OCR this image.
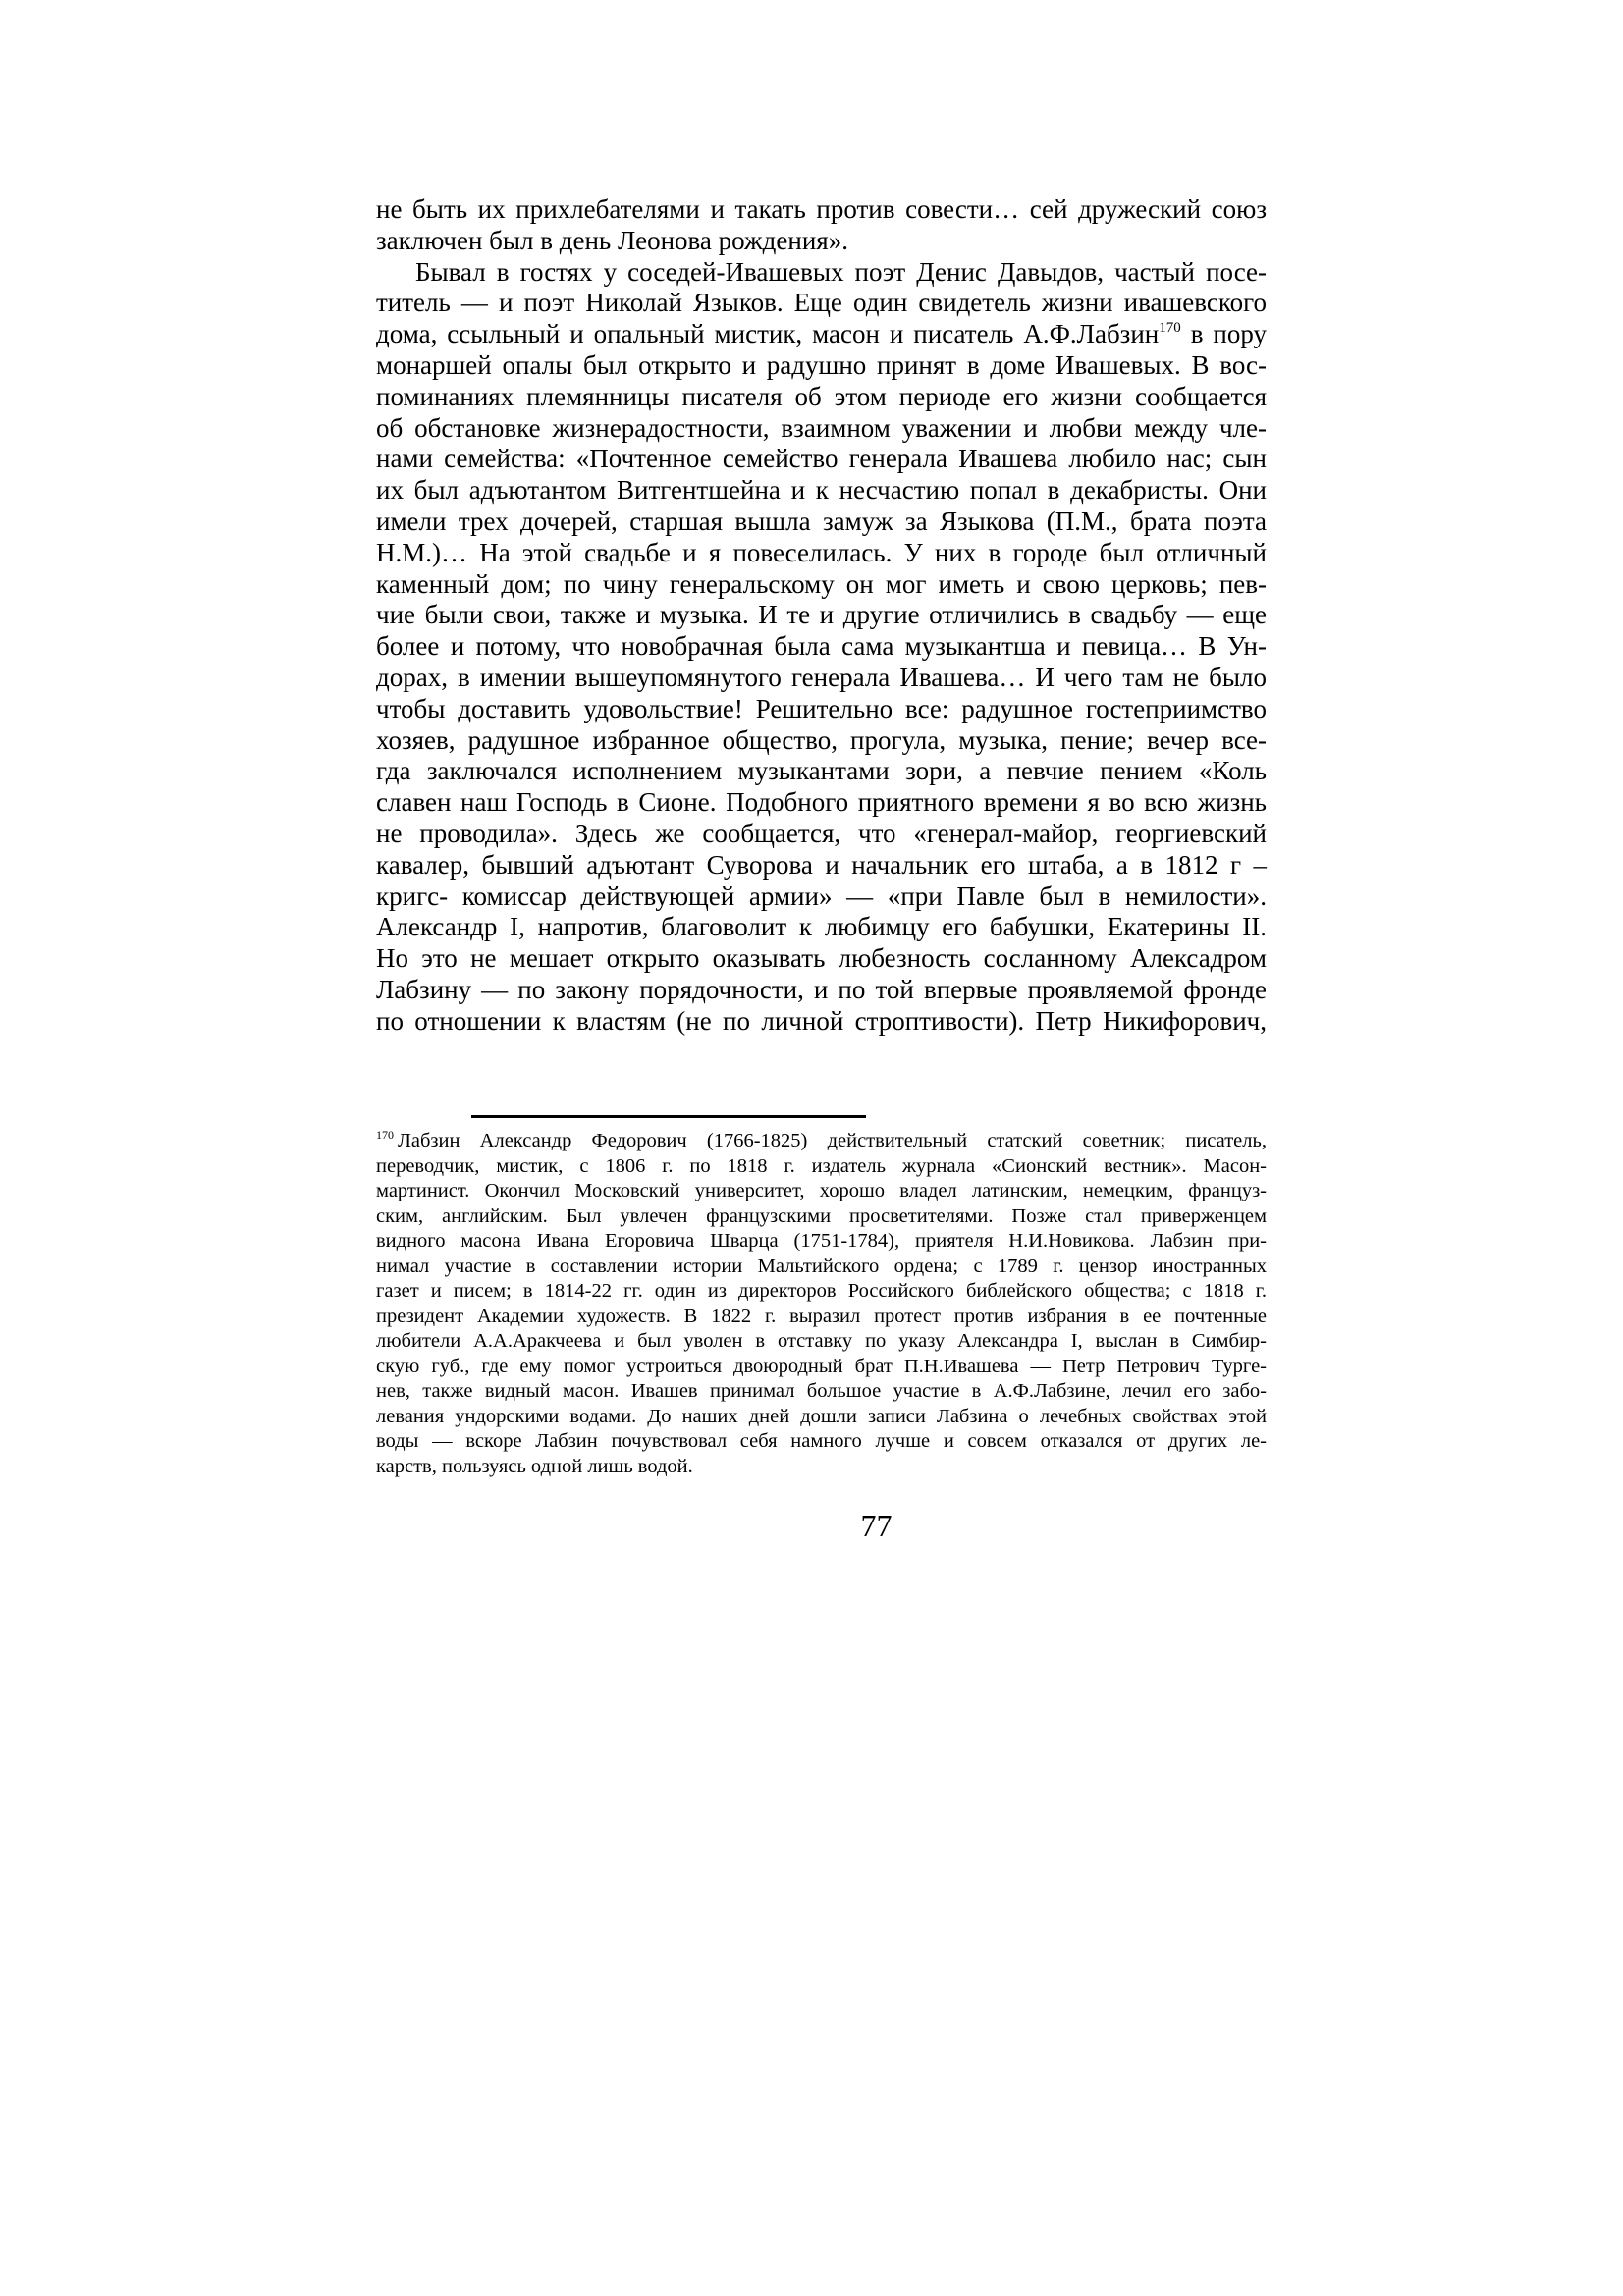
не быть их прихлебателями и такать против совести… сей дружеский союз
заключен был в день Леонова рождения».
Бывал в гостях у соседей-Ивашевых поэт Денис Давыдов, частый посе-
титель — и поэт Николай Языков. Еще один свидетель жизни ивашевского
дома, ссыльный и опальный мистик, масон и писатель А.Ф.Лабзин$^{170}$ в пору
монаршей опалы был открыто и радушно принят в доме Ивашевых. В вос-
поминаниях племянницы писателя об этом периоде его жизни сообщается
об обстановке жизнерадостности, взаимном уважении и любви между чле-
нами семейства: «Почтенное семейство генерала Ивашева любило нас; сын
их был адъютантом Витгентшейна и к несчастию попал в декабристы. Они
имели трех дочерей, старшая вышла замуж за Языкова (П.М., брата поэта
Н.М.)… На этой свадьбе и я повеселилась. У них в городе был отличный
каменный дом; по чину генеральскому он мог иметь и свою церковь; пев-
чие были свои, также и музыка. И те и другие отличились в свадьбу — еще
более и потому, что новобрачная была сама музыкантша и певица… В Ун-
дорах, в имении вышеупомянутого генерала Ивашева… И чего там не было
чтобы доставить удовольствие! Решительно все: радушное гостеприимство
хозяев, радушное избранное общество, прогула, музыка, пение; вечер все-
гда заключался исполнением музыкантами зори, а певчие пением «Коль
славен наш Господь в Сионе. Подобного приятного времени я во всю жизнь
не проводила». Здесь же сообщается, что «генерал-майор, георгиевский
кавалер, бывший адъютант Суворова и начальник его штаба, а в 1812 г –
кригс- комиссар действующей армии» — «при Павле был в немилости».
Александр I, напротив, благоволит к любимцу его бабушки, Екатерины II.
Но это не мешает открыто оказывать любезность сосланному Алексадром
Лабзину — по закону порядочности, и по той впервые проявляемой фронде
по отношении к властям (не по личной строптивости). Петр Никифорович,
$^{170}$ Лабзин Александр Федорович (1766-1825) действительный статский советник; писатель,
переводчик, мистик, с 1806 г. по 1818 г. издатель журнала «Сионский вестник». Масон-
мартинист. Окончил Московский университет, хорошо владел латинским, немецким, француз-
ским, английским. Был увлечен французскими просветителями. Позже стал приверженцем
видного масона Ивана Егоровича Шварца (1751-1784), приятеля Н.И.Новикова. Лабзин при-
нимал участие в составлении истории Мальтийского ордена; с 1789 г. цензор иностранных
газет и писем; в 1814-22 гг. один из директоров Российского библейского общества; с 1818 г.
президент Академии художеств. В 1822 г. выразил протест против избрания в ее почтенные
любители А.А.Аракчеева и был уволен в отставку по указу Александра I, выслан в Симбир-
скую губ., где ему помог устроиться двоюродный брат П.Н.Ивашева — Петр Петрович Турге-
нев, также видный масон. Ивашев принимал большое участие в А.Ф.Лабзине, лечил его забо-
левания ундорскими водами. До наших дней дошли записи Лабзина о лечебных свойствах этой
воды — вскоре Лабзин почувствовал себя намного лучше и совсем отказался от других ле-
карств, пользуясь одной лишь водой.
77
